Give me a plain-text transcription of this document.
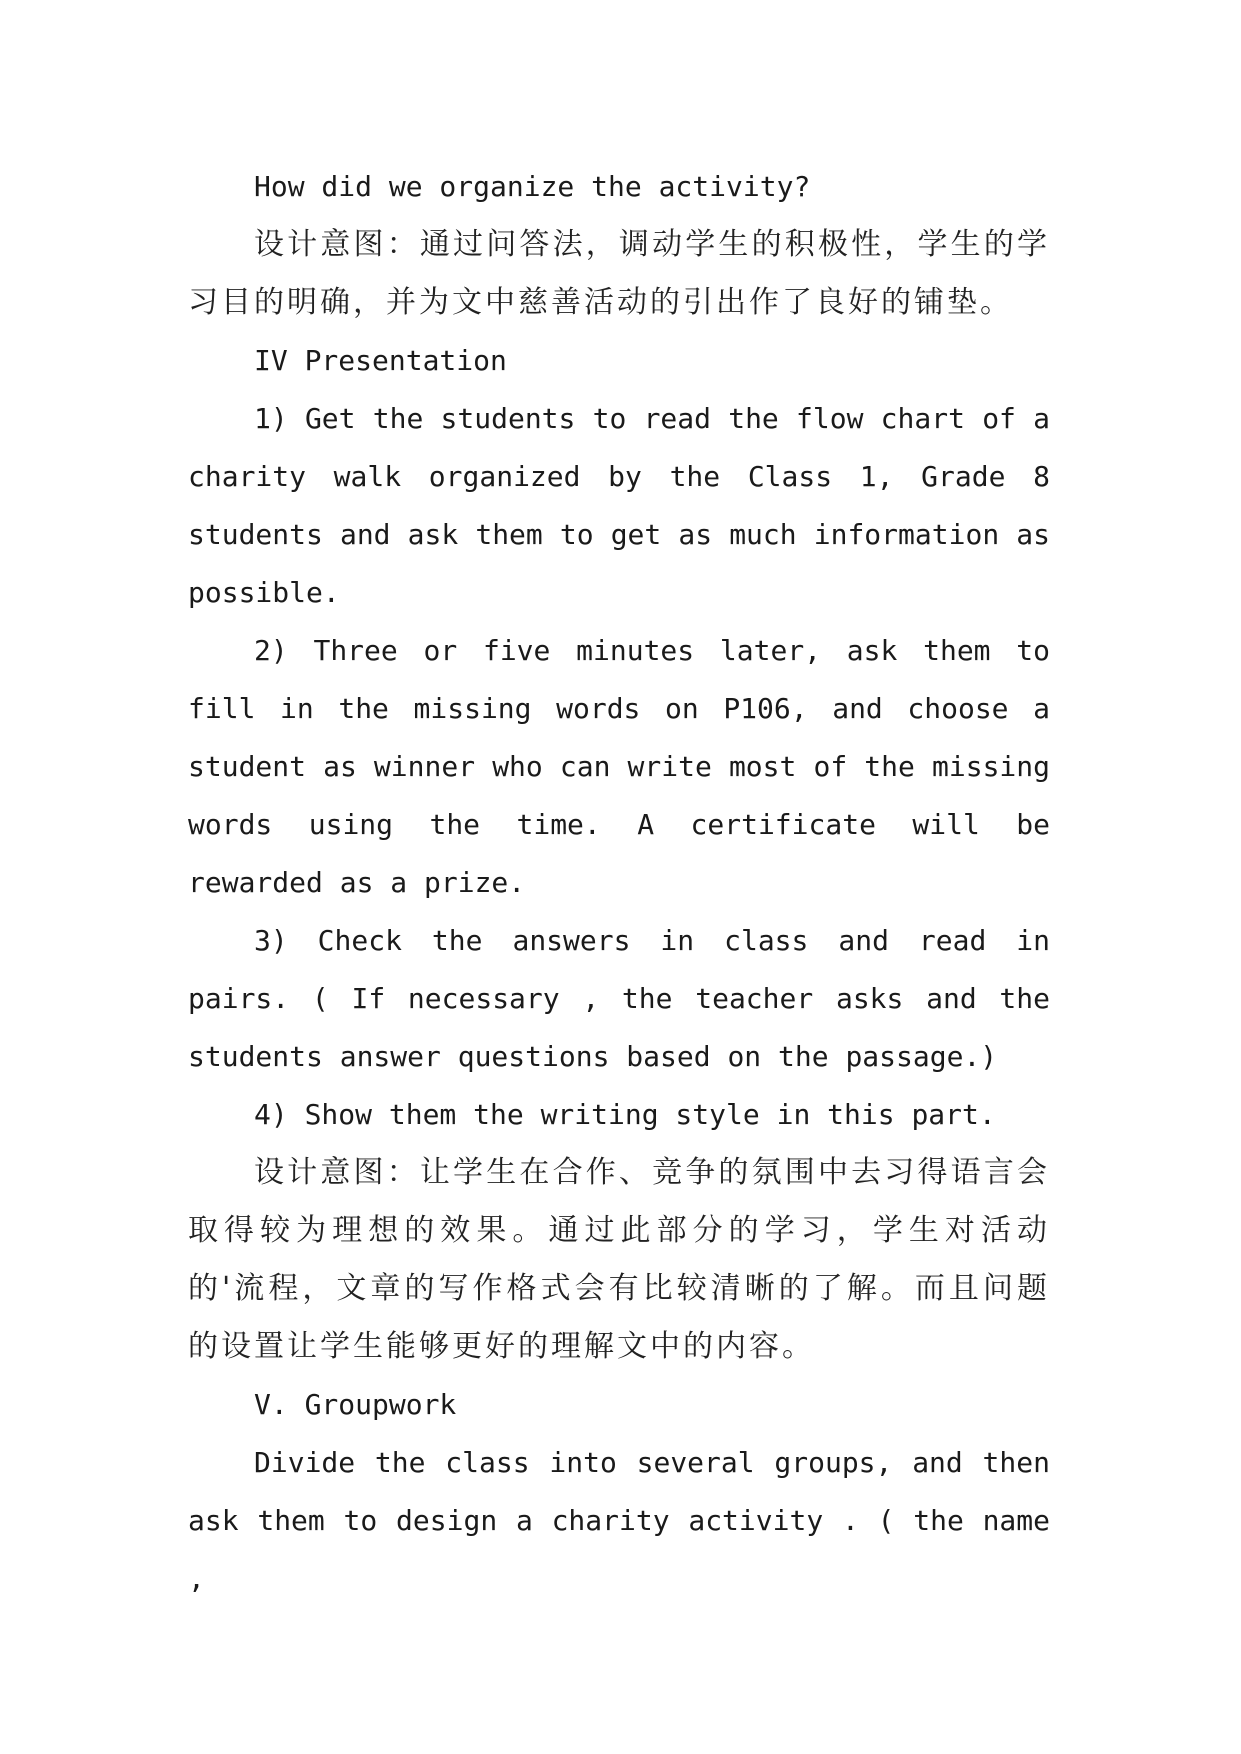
How did we organize the activity?

设计意图：通过问答法，调动学生的积极性，学生的学习目的明确，并为文中慈善活动的引出作了良好的铺垫。

IV Presentation

1) Get the students to read the flow chart of a charity walk organized by the Class 1, Grade 8 students and ask them to get as much information as possible.

2) Three or five minutes later, ask them to fill in the missing words on P106, and choose a student as winner who can write most of the missing words using the time. A certificate will be rewarded as a prize.

3) Check the answers in class and read in pairs. ( If necessary , the teacher asks and the students answer questions based on the passage.)

4) Show them the writing style in this part.

设计意图：让学生在合作、竞争的氛围中去习得语言会取得较为理想的效果。通过此部分的学习，学生对活动的'流程，文章的写作格式会有比较清晰的了解。而且问题的设置让学生能够更好的理解文中的内容。

V. Groupwork

Divide the class into several groups, and then ask them to design a charity activity . ( the name ,
